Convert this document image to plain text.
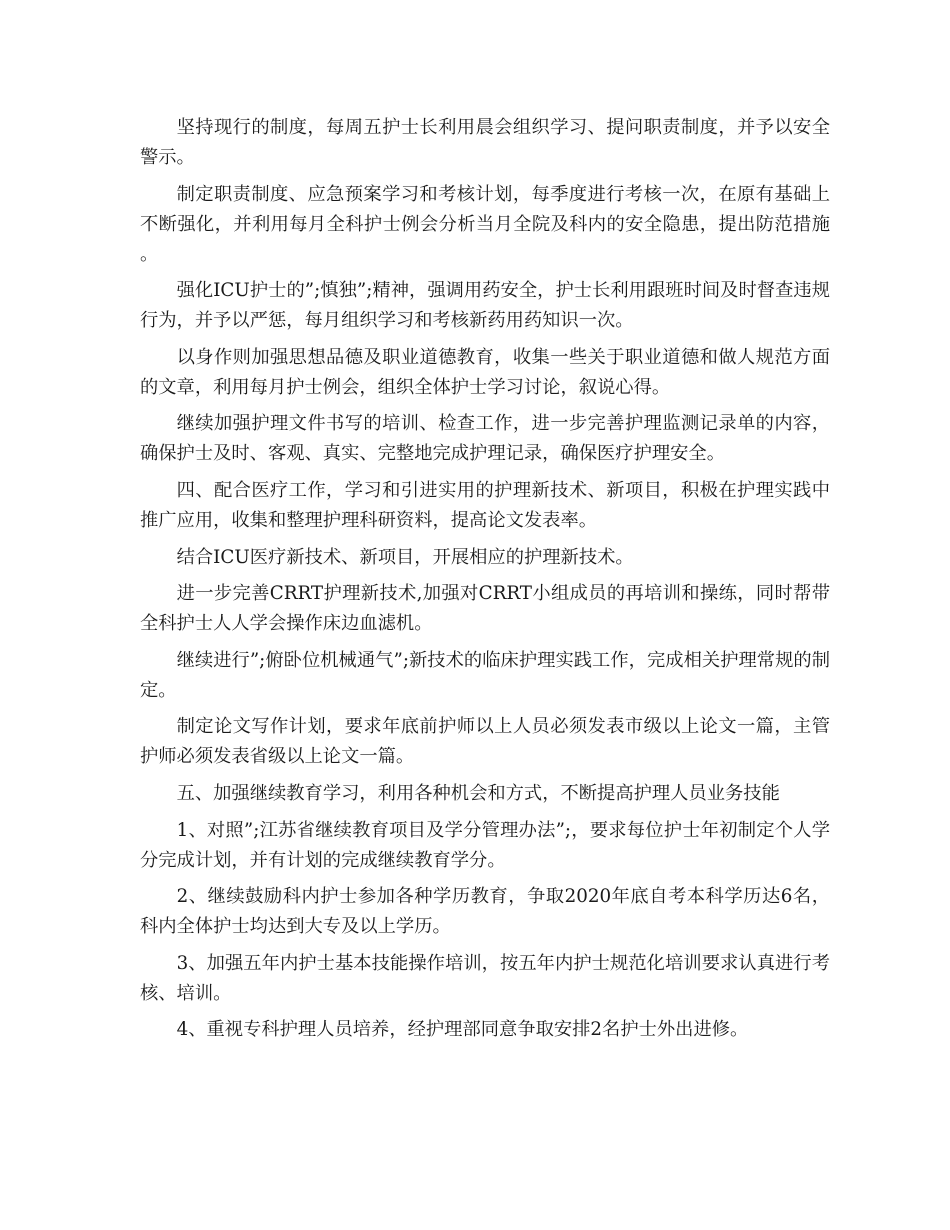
坚持现行的制度，每周五护士长利用晨会组织学习、提问职责制度，并予以安全警示。

制定职责制度、应急预案学习和考核计划，每季度进行考核一次，在原有基础上不断强化，并利用每月全科护士例会分析当月全院及科内的安全隐患，提出防范措施。

强化ICU护士的”;慎独”;精神，强调用药安全，护士长利用跟班时间及时督查违规行为，并予以严惩，每月组织学习和考核新药用药知识一次。

以身作则加强思想品德及职业道德教育，收集一些关于职业道德和做人规范方面的文章，利用每月护士例会，组织全体护士学习讨论，叙说心得。

继续加强护理文件书写的培训、检查工作，进一步完善护理监测记录单的内容，确保护士及时、客观、真实、完整地完成护理记录，确保医疗护理安全。

四、配合医疗工作，学习和引进实用的护理新技术、新项目，积极在护理实践中推广应用，收集和整理护理科研资料，提高论文发表率。

结合ICU医疗新技术、新项目，开展相应的护理新技术。

进一步完善CRRT护理新技术,加强对CRRT小组成员的再培训和操练，同时帮带全科护士人人学会操作床边血滤机。

继续进行”;俯卧位机械通气”;新技术的临床护理实践工作，完成相关护理常规的制定。

制定论文写作计划，要求年底前护师以上人员必须发表市级以上论文一篇，主管护师必须发表省级以上论文一篇。

五、加强继续教育学习，利用各种机会和方式，不断提高护理人员业务技能

1、对照”;江苏省继续教育项目及学分管理办法”;，要求每位护士年初制定个人学分完成计划，并有计划的完成继续教育学分。

2、继续鼓励科内护士参加各种学历教育，争取2020年底自考本科学历达6名，科内全体护士均达到大专及以上学历。

3、加强五年内护士基本技能操作培训，按五年内护士规范化培训要求认真进行考核、培训。

4、重视专科护理人员培养，经护理部同意争取安排2名护士外出进修。
